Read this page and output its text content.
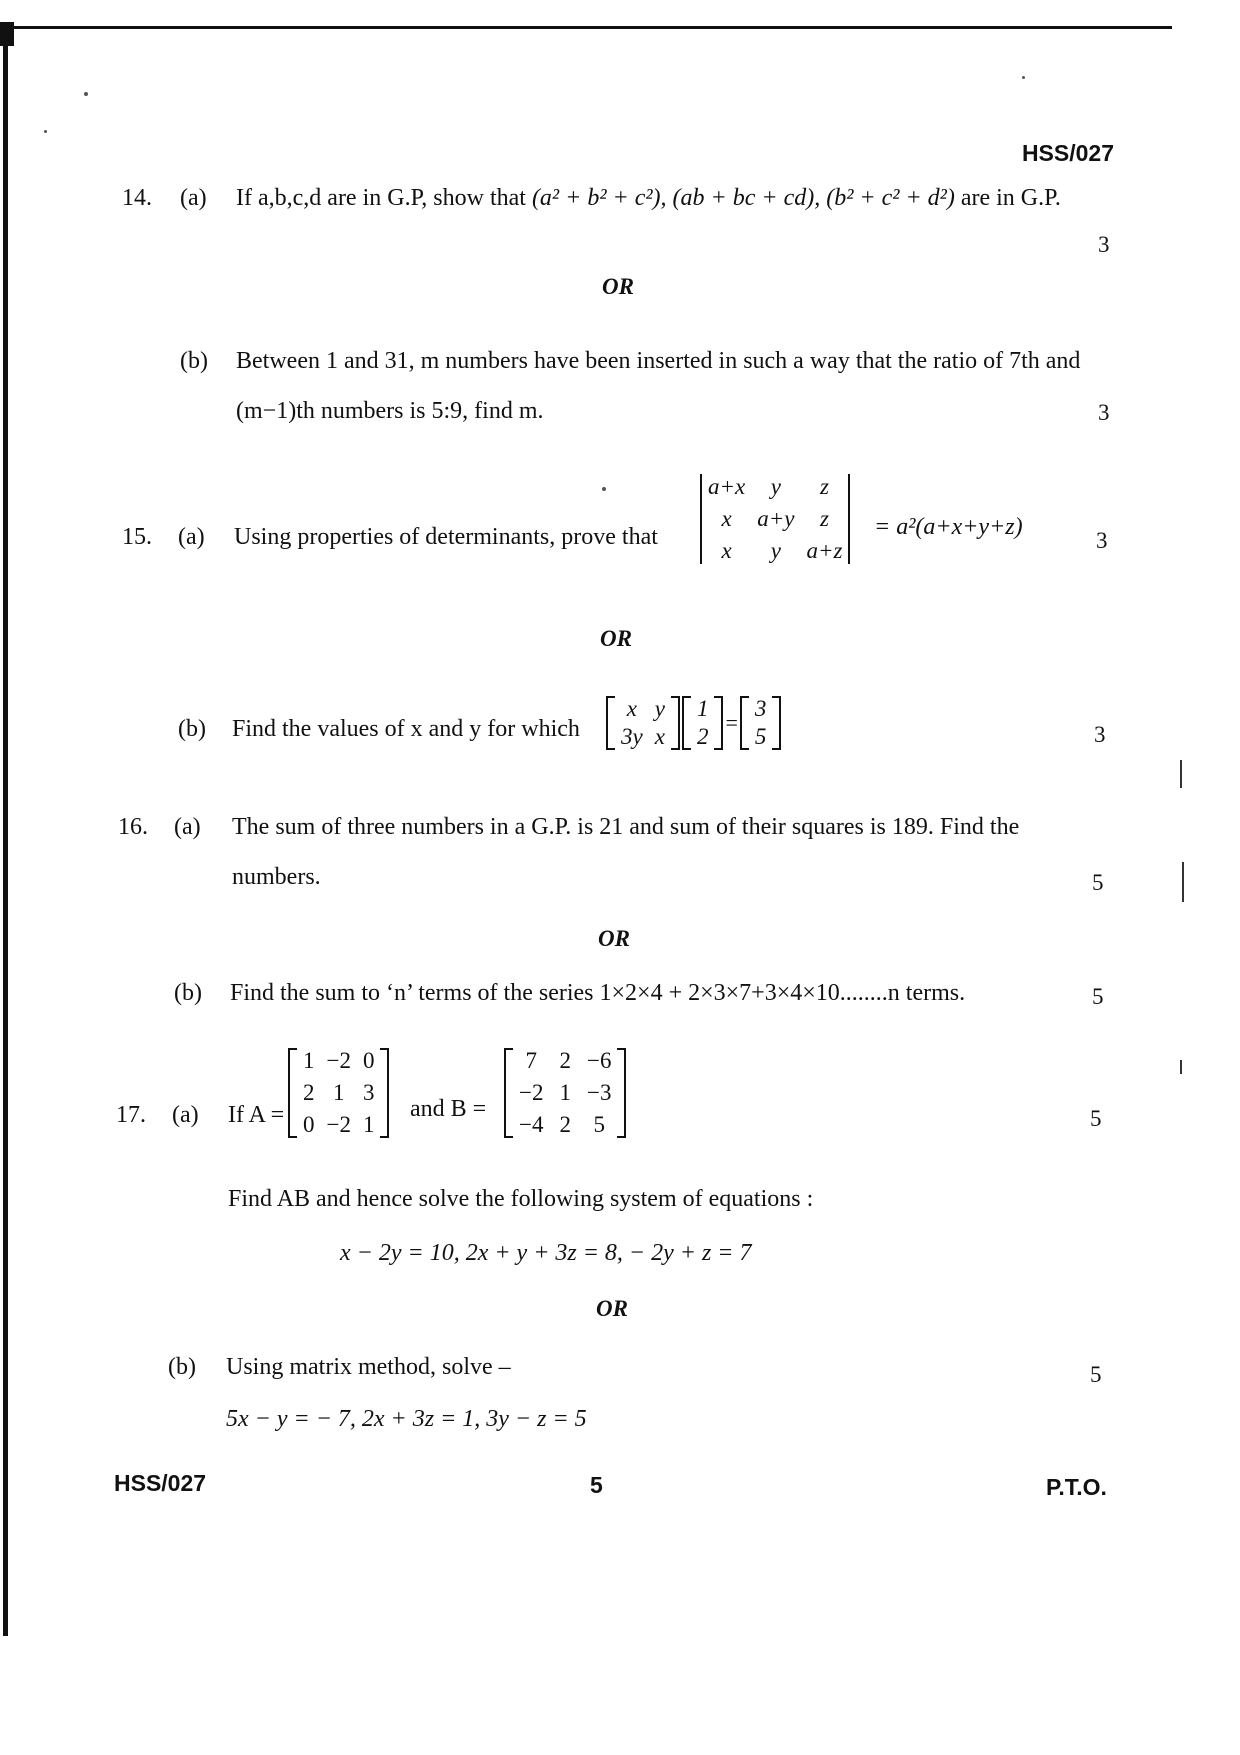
HSS/027
14. (a) If a,b,c,d are in G.P, show that (a² + b² + c²), (ab + bc + cd), (b² + c² + d²) are in G.P.
3
OR
(b) Between 1 and 31, m numbers have been inserted in such a way that the ratio of 7th and
(m−1)th numbers is 5:9, find m.	3
15. (a) Using properties of determinants, prove that
a+x	y	z
x	a+y	z
x	y	a+z
= a²(a+x+y+z)
3
OR
(b) Find the values of x and y for which
x y
3y x
1
2
=
3
5	3
16. (a) The sum of three numbers in a G.P. is 21 and sum of their squares is 189. Find the
numbers.	5
OR
(b) Find the sum to ‘n’ terms of the series 1×2×4 + 2×3×7+3×4×10........n terms.	5
17. (a) If A =
1 −2 0
2 1 3
0 −2 1
and B =
7 2 −6
−2 1 −3
−4 2 5	5
Find AB and hence solve the following system of equations :
x − 2y = 10, 2x + y + 3z = 8, − 2y + z = 7
OR
(b) Using matrix method, solve –	5
5x − y = − 7, 2x + 3z = 1, 3y − z = 5
HSS/027	5	P.T.O.
